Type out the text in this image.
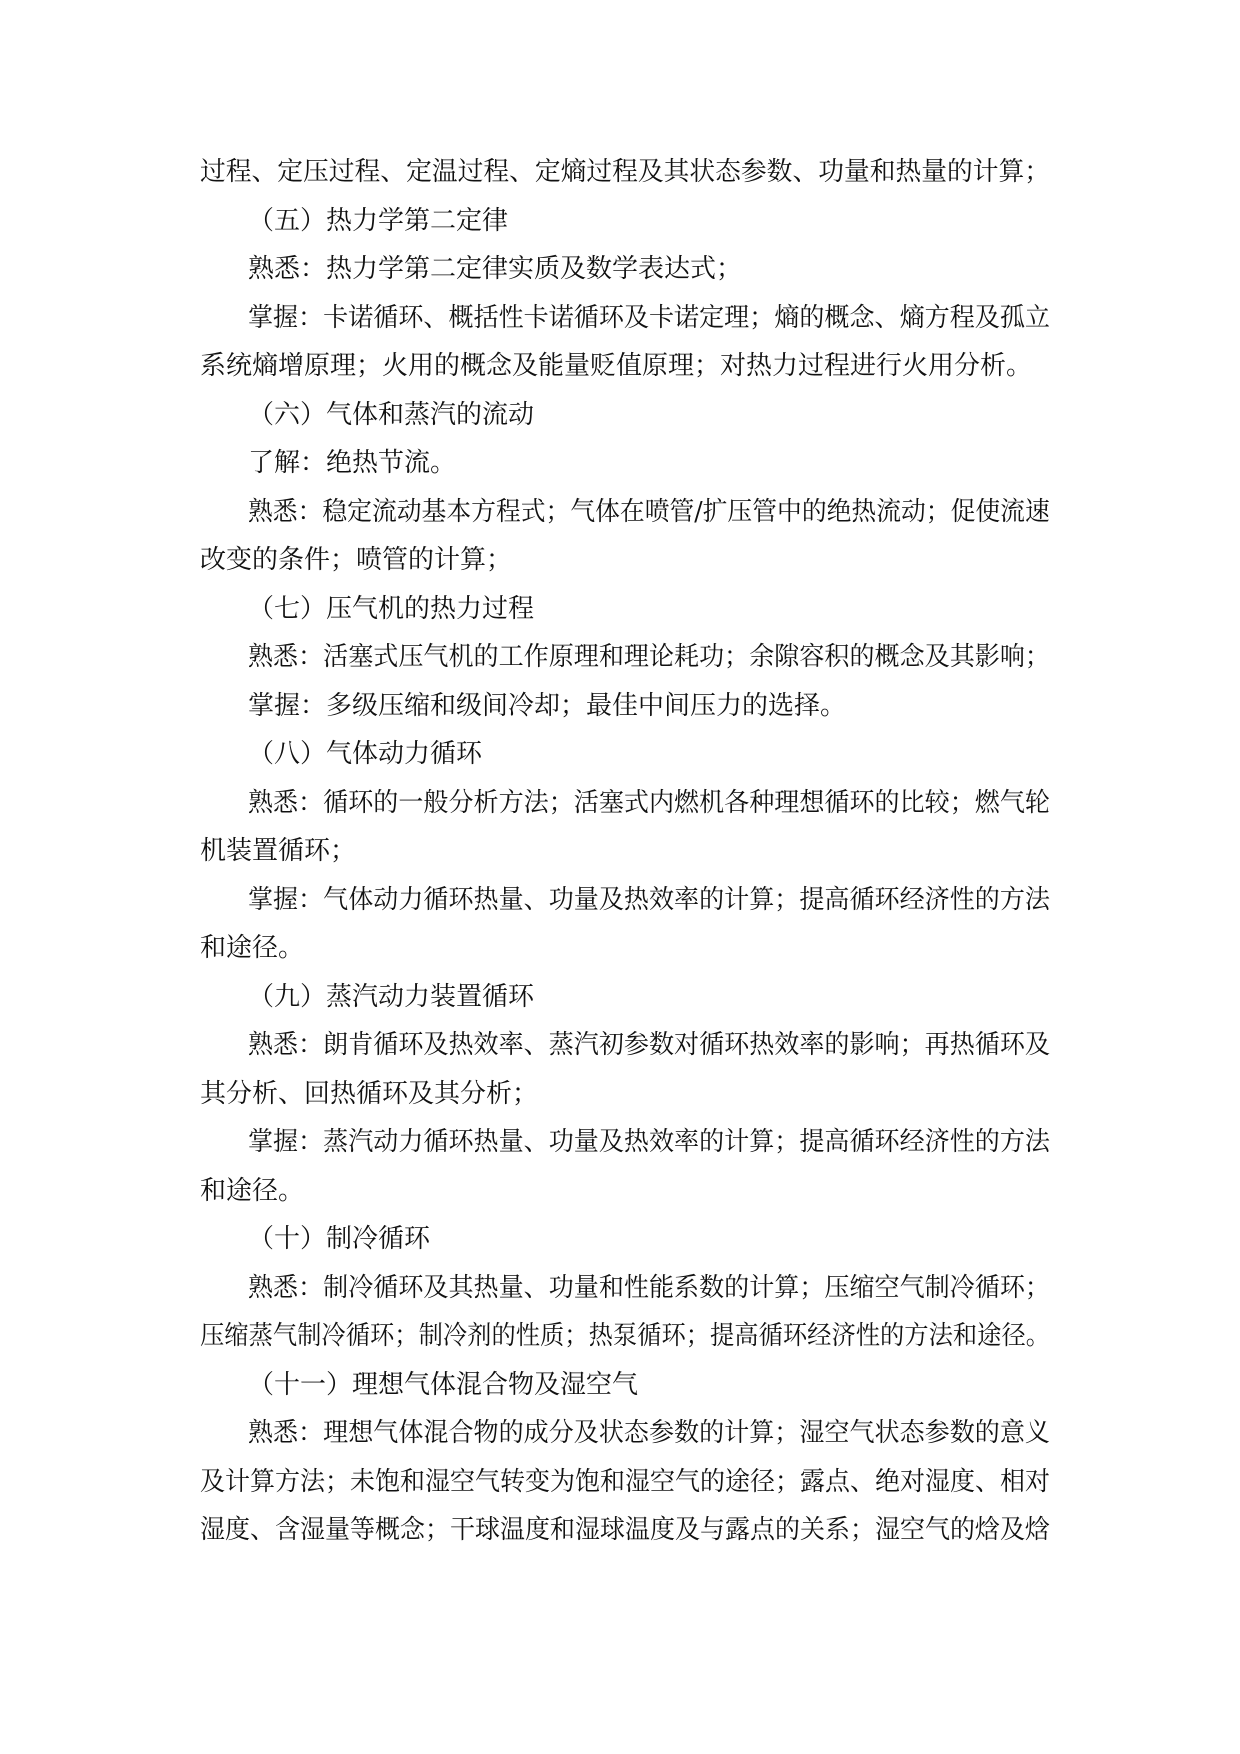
过程、定压过程、定温过程、定熵过程及其状态参数、功量和热量的计算；
（五）热力学第二定律
熟悉：热力学第二定律实质及数学表达式；
掌握：卡诺循环、概括性卡诺循环及卡诺定理；熵的概念、熵方程及孤立
系统熵增原理；火用的概念及能量贬值原理；对热力过程进行火用分析。
（六）气体和蒸汽的流动
了解：绝热节流。
熟悉：稳定流动基本方程式；气体在喷管/扩压管中的绝热流动；促使流速
改变的条件；喷管的计算；
（七）压气机的热力过程
熟悉：活塞式压气机的工作原理和理论耗功；余隙容积的概念及其影响；
掌握：多级压缩和级间冷却；最佳中间压力的选择。
（八）气体动力循环
熟悉：循环的一般分析方法；活塞式内燃机各种理想循环的比较；燃气轮
机装置循环；
掌握：气体动力循环热量、功量及热效率的计算；提高循环经济性的方法
和途径。
（九）蒸汽动力装置循环
熟悉：朗肯循环及热效率、蒸汽初参数对循环热效率的影响；再热循环及
其分析、回热循环及其分析；
掌握：蒸汽动力循环热量、功量及热效率的计算；提高循环经济性的方法
和途径。
（十）制冷循环
熟悉：制冷循环及其热量、功量和性能系数的计算；压缩空气制冷循环；
压缩蒸气制冷循环；制冷剂的性质；热泵循环；提高循环经济性的方法和途径。
（十一）理想气体混合物及湿空气
熟悉：理想气体混合物的成分及状态参数的计算；湿空气状态参数的意义
及计算方法；未饱和湿空气转变为饱和湿空气的途径；露点、绝对湿度、相对
湿度、含湿量等概念；干球温度和湿球温度及与露点的关系；湿空气的焓及焓
